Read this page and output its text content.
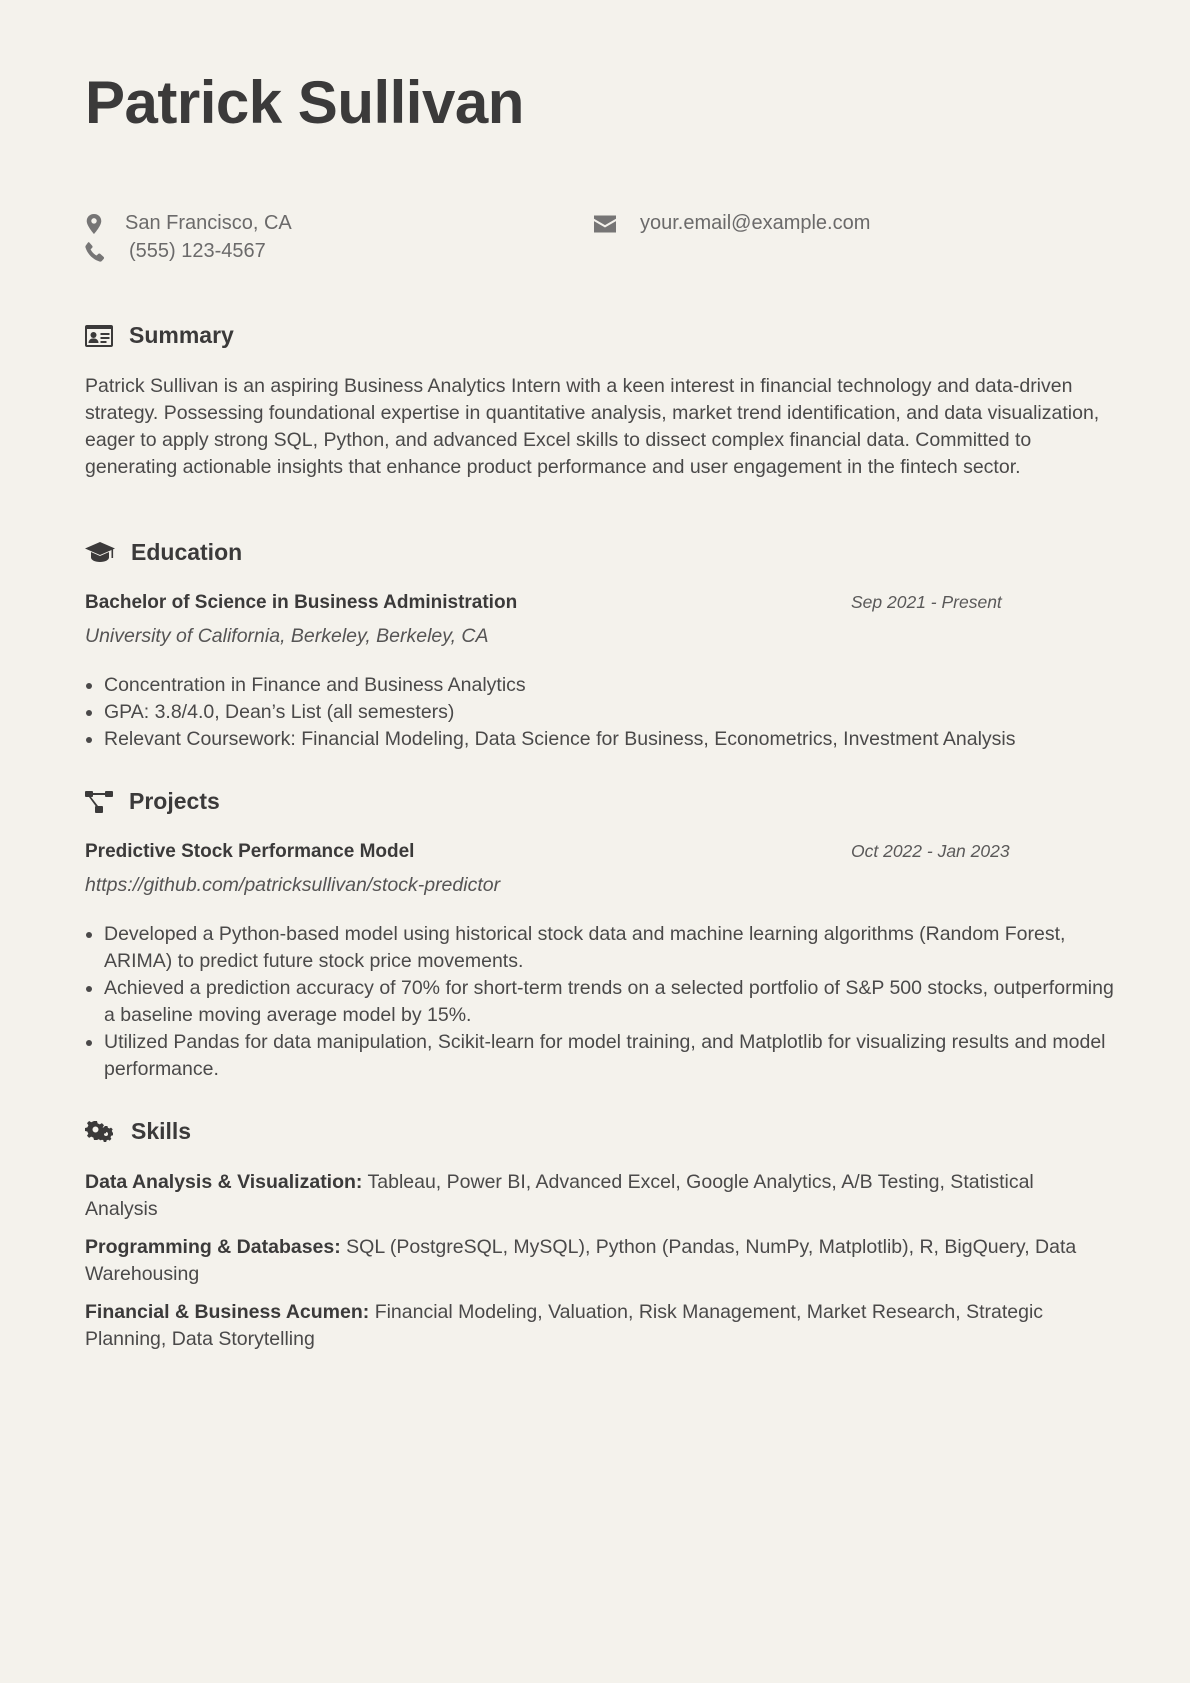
Patrick Sullivan
San Francisco, CA	your.email@example.com
(555) 123-4567
Summary

Patrick Sullivan is an aspiring Business Analytics Intern with a keen interest in financial technology and data-driven strategy. Possessing foundational expertise in quantitative analysis, market trend identification, and data visualization, eager to apply strong SQL, Python, and advanced Excel skills to dissect complex financial data. Committed to generating actionable insights that enhance product performance and user engagement in the fintech sector.

Education

Bachelor of Science in Business Administration	Sep 2021 - Present

University of California, Berkeley, Berkeley, CA

• Concentration in Finance and Business Analytics
• GPA: 3.8/4.0, Dean’s List (all semesters)
• Relevant Coursework: Financial Modeling, Data Science for Business, Econometrics, Investment Analysis
Projects

Predictive Stock Performance Model	Oct 2022 - Jan 2023

https://github.com/patricksullivan/stock-predictor

• Developed a Python-based model using historical stock data and machine learning algorithms (Random Forest, ARIMA) to predict future stock price movements.
• Achieved a prediction accuracy of 70% for short-term trends on a selected portfolio of S&P 500 stocks, outperforming a baseline moving average model by 15%.
• Utilized Pandas for data manipulation, Scikit-learn for model training, and Matplotlib for visualizing results and model performance.
Skills

Data Analysis & Visualization: Tableau, Power BI, Advanced Excel, Google Analytics, A/B Testing, Statistical Analysis

Programming & Databases: SQL (PostgreSQL, MySQL), Python (Pandas, NumPy, Matplotlib), R, BigQuery, Data Warehousing

Financial & Business Acumen: Financial Modeling, Valuation, Risk Management, Market Research, Strategic Planning, Data Storytelling
